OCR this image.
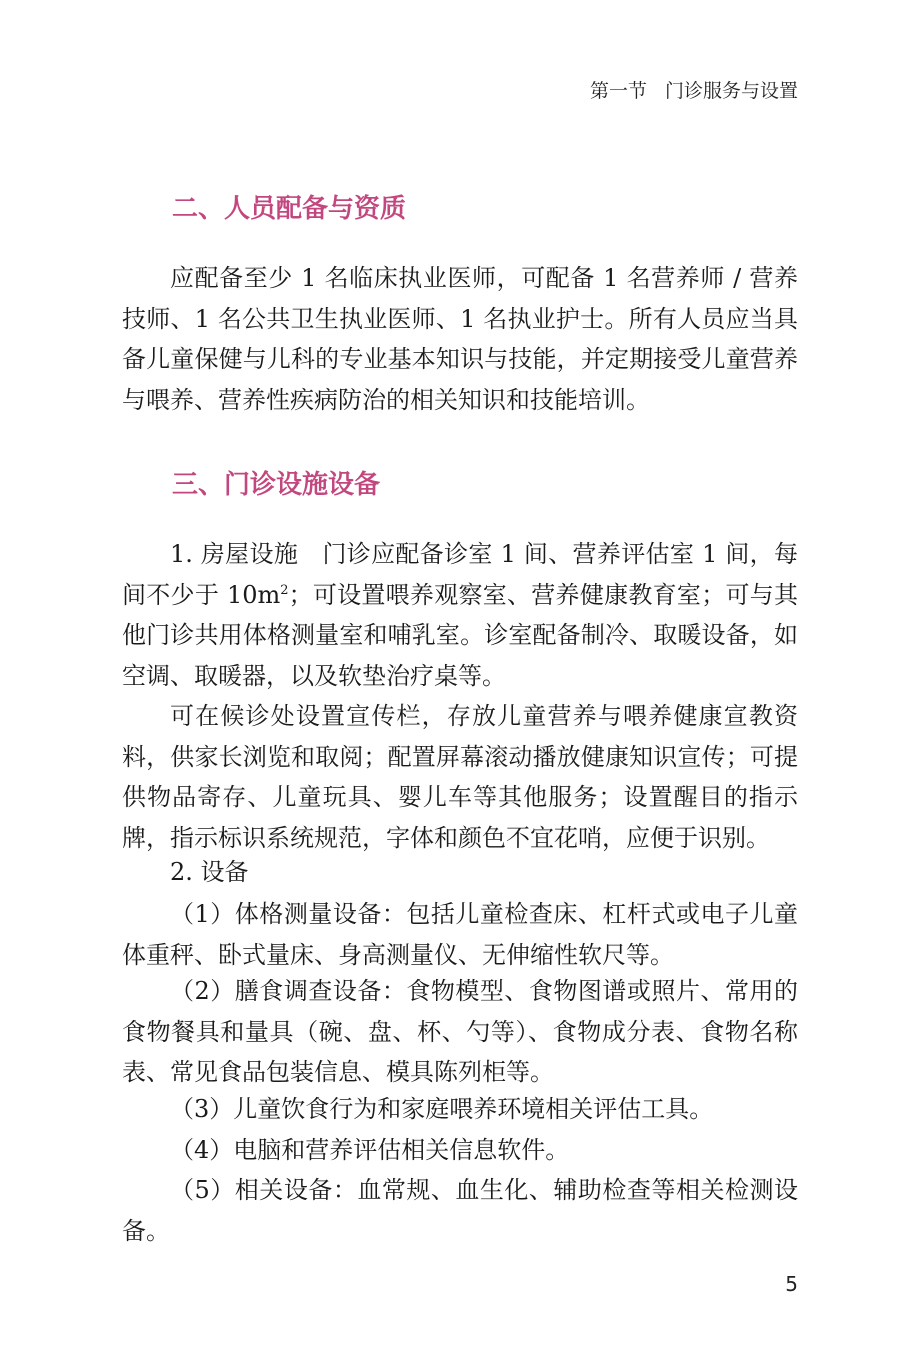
第一节 门诊服务与设置
二、人员配备与资质

应配备至少 1 名临床执业医师，可配备 1 名营养师 / 营养技师、1 名公共卫生执业医师、1 名执业护士。所有人员应当具备儿童保健与儿科的专业基本知识与技能，并定期接受儿童营养与喂养、营养性疾病防治的相关知识和技能培训。

三、门诊设施设备

1. 房屋设施　门诊应配备诊室 1 间、营养评估室 1 间，每间不少于 $10m^2$；可设置喂养观察室、营养健康教育室；可与其他门诊共用体格测量室和哺乳室。诊室配备制冷、取暖设备，如空调、取暖器，以及软垫治疗桌等。

可在候诊处设置宣传栏，存放儿童营养与喂养健康宣教资料，供家长浏览和取阅；配置屏幕滚动播放健康知识宣传；可提供物品寄存、儿童玩具、婴儿车等其他服务；设置醒目的指示牌，指示标识系统规范，字体和颜色不宜花哨，应便于识别。

2. 设备

（1）体格测量设备：包括儿童检查床、杠杆式或电子儿童体重秤、卧式量床、身高测量仪、无伸缩性软尺等。

（2）膳食调查设备：食物模型、食物图谱或照片、常用的食物餐具和量具（碗、盘、杯、勺等）、食物成分表、食物名称表、常见食品包装信息、模具陈列柜等。

（3）儿童饮食行为和家庭喂养环境相关评估工具。

（4）电脑和营养评估相关信息软件。

（5）相关设备：血常规、血生化、辅助检查等相关检测设备。

5
